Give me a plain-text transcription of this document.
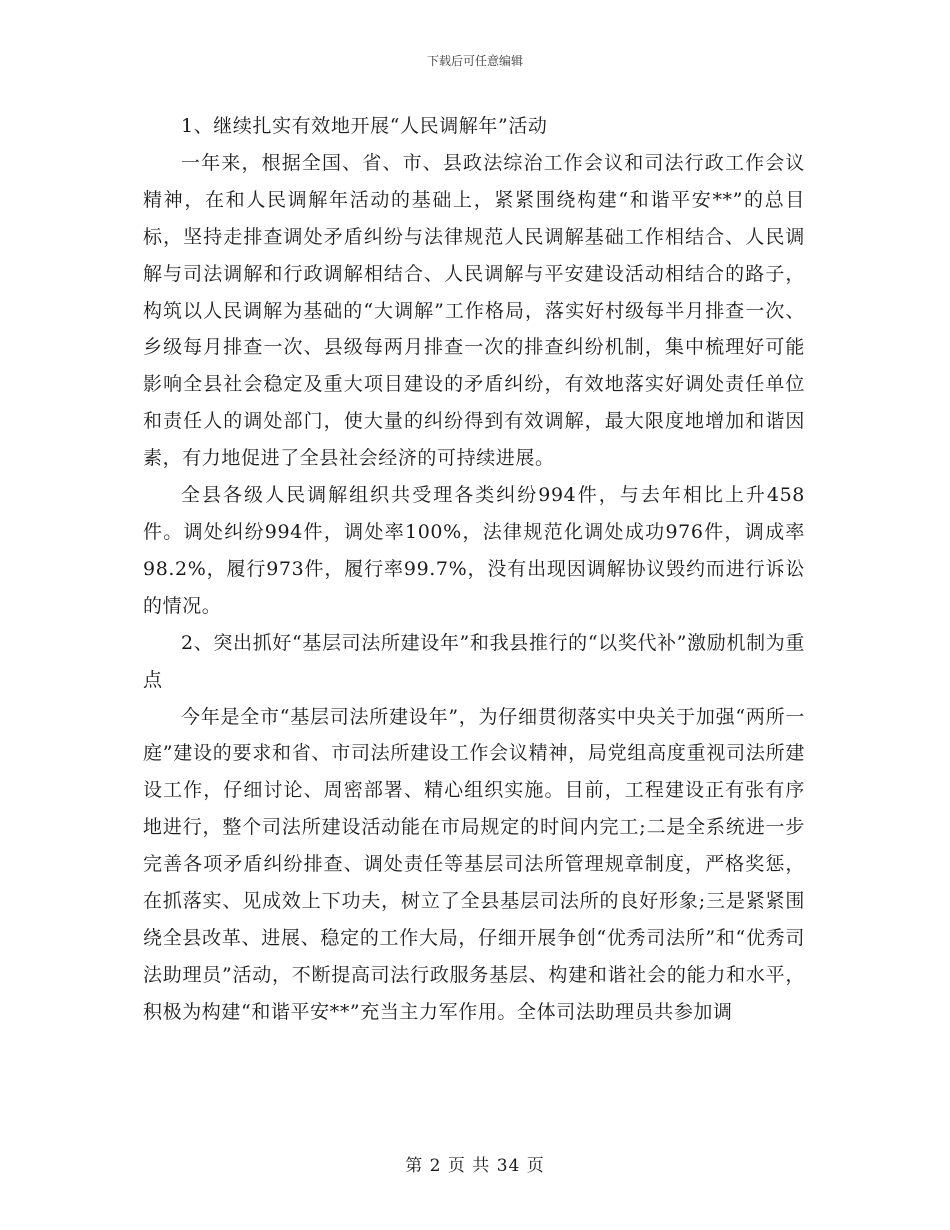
下载后可任意编辑

1、继续扎实有效地开展“人民调解年”活动

一年来，根据全国、省、市、县政法综治工作会议和司法行政工作会议精神，在和人民调解年活动的基础上，紧紧围绕构建“和谐平安**”的总目标，坚持走排查调处矛盾纠纷与法律规范人民调解基础工作相结合、人民调解与司法调解和行政调解相结合、人民调解与平安建设活动相结合的路子，构筑以人民调解为基础的“大调解”工作格局，落实好村级每半月排查一次、乡级每月排查一次、县级每两月排查一次的排查纠纷机制，集中梳理好可能影响全县社会稳定及重大项目建设的矛盾纠纷，有效地落实好调处责任单位和责任人的调处部门，使大量的纠纷得到有效调解，最大限度地增加和谐因素，有力地促进了全县社会经济的可持续进展。

全县各级人民调解组织共受理各类纠纷994件，与去年相比上升458件。调处纠纷994件，调处率100%，法律规范化调处成功976件，调成率98.2%，履行973件，履行率99.7%，没有出现因调解协议毁约而进行诉讼的情况。

2、突出抓好“基层司法所建设年”和我县推行的“以奖代补”激励机制为重点

今年是全市“基层司法所建设年”，为仔细贯彻落实中央关于加强“两所一庭”建设的要求和省、市司法所建设工作会议精神，局党组高度重视司法所建设工作，仔细讨论、周密部署、精心组织实施。目前，工程建设正有张有序地进行，整个司法所建设活动能在市局规定的时间内完工;二是全系统进一步完善各项矛盾纠纷排查、调处责任等基层司法所管理规章制度，严格奖惩，在抓落实、见成效上下功夫，树立了全县基层司法所的良好形象;三是紧紧围绕全县改革、进展、稳定的工作大局，仔细开展争创“优秀司法所”和“优秀司法助理员”活动，不断提高司法行政服务基层、构建和谐社会的能力和水平，积极为构建“和谐平安**”充当主力军作用。全体司法助理员共参加调

第 2 页 共 34 页
